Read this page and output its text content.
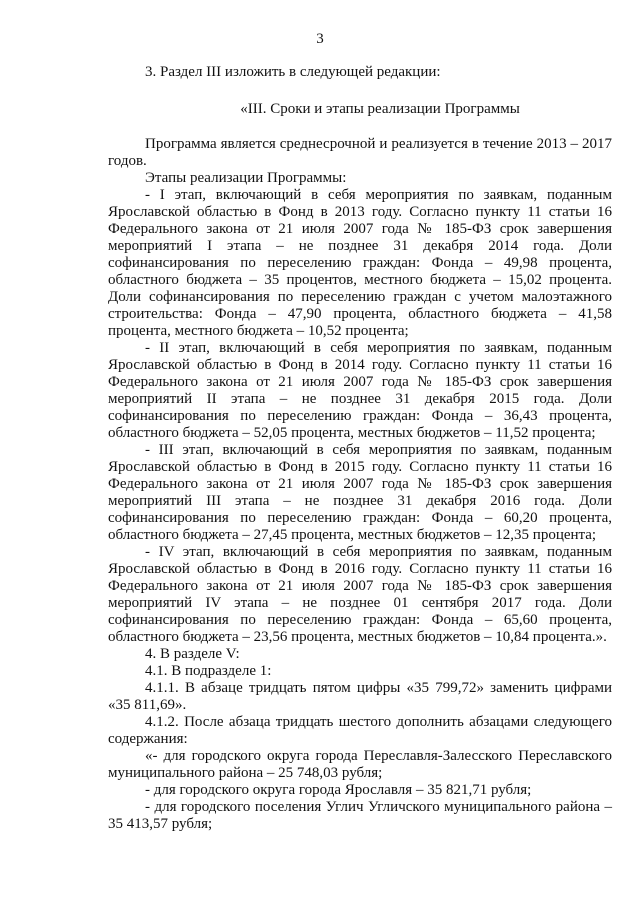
3

3. Раздел III изложить в следующей редакции:

«III. Сроки и этапы реализации Программы

Программа является среднесрочной и реализуется в течение 2013 – 2017 годов.

Этапы реализации Программы:

- I этап, включающий в себя мероприятия по заявкам, поданным Ярославской областью в Фонд в 2013 году. Согласно пункту 11 статьи 16 Федерального закона от 21 июля 2007 года № 185-ФЗ срок завершения мероприятий I этапа – не позднее 31 декабря 2014 года. Доли софинансирования по переселению граждан: Фонда – 49,98 процента, областного бюджета – 35 процентов, местного бюджета – 15,02 процента. Доли софинансирования по переселению граждан с учетом малоэтажного строительства: Фонда – 47,90 процента, областного бюджета – 41,58 процента, местного бюджета – 10,52 процента;

- II этап, включающий в себя мероприятия по заявкам, поданным Ярославской областью в Фонд в 2014 году. Согласно пункту 11 статьи 16 Федерального закона от 21 июля 2007 года № 185-ФЗ срок завершения мероприятий II этапа – не позднее 31 декабря 2015 года. Доли софинансирования по переселению граждан: Фонда – 36,43 процента, областного бюджета – 52,05 процента, местных бюджетов – 11,52 процента;

- III этап, включающий в себя мероприятия по заявкам, поданным Ярославской областью в Фонд в 2015 году. Согласно пункту 11 статьи 16 Федерального закона от 21 июля 2007 года № 185-ФЗ срок завершения мероприятий III этапа – не позднее 31 декабря 2016 года. Доли софинансирования по переселению граждан: Фонда – 60,20 процента, областного бюджета – 27,45 процента, местных бюджетов – 12,35 процента;

- IV этап, включающий в себя мероприятия по заявкам, поданным Ярославской областью в Фонд в 2016 году. Согласно пункту 11 статьи 16 Федерального закона от 21 июля 2007 года № 185-ФЗ срок завершения мероприятий IV этапа – не позднее 01 сентября 2017 года. Доли софинансирования по переселению граждан: Фонда – 65,60 процента, областного бюджета – 23,56 процента, местных бюджетов – 10,84 процента.».

4. В разделе V:

4.1. В подразделе 1:

4.1.1. В абзаце тридцать пятом цифры «35 799,72» заменить цифрами «35 811,69».

4.1.2. После абзаца тридцать шестого дополнить абзацами следующего содержания:

«- для городского округа города Переславля-Залесского Переславского муниципального района – 25 748,03 рубля;

- для городского округа города Ярославля – 35 821,71 рубля;

- для городского поселения Углич Угличского муниципального района – 35 413,57 рубля;
